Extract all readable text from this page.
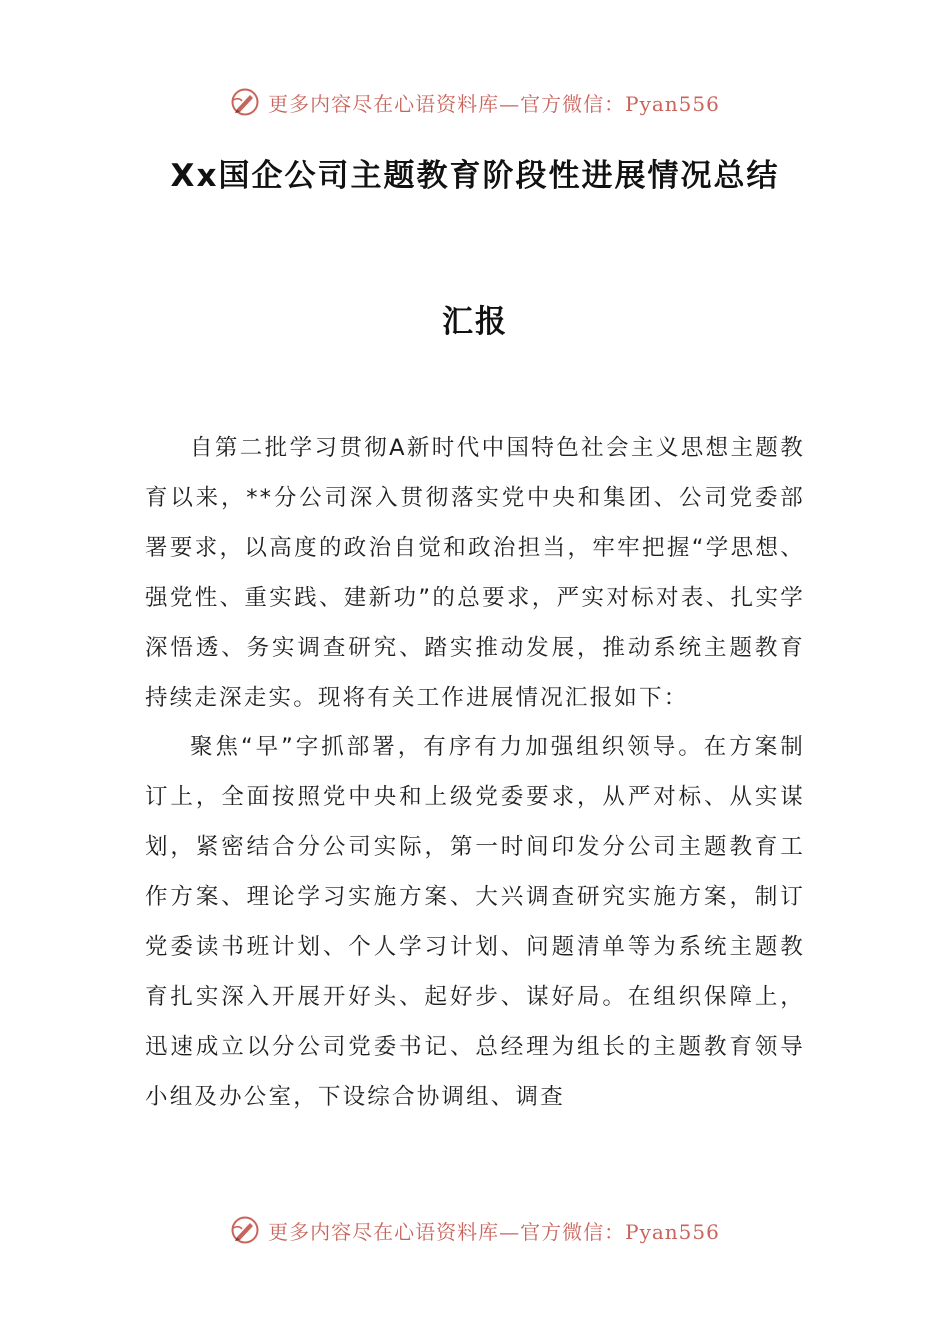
更多内容尽在心语资料库—官方微信：Pyan556
Xx国企公司主题教育阶段性进展情况总结
汇报

自第二批学习贯彻A新时代中国特色社会主义思想主题教育以来，**分公司深入贯彻落实党中央和集团、公司党委部署要求，以高度的政治自觉和政治担当，牢牢把握“学思想、强党性、重实践、建新功”的总要求，严实对标对表、扎实学深悟透、务实调查研究、踏实推动发展，推动系统主题教育持续走深走实。现将有关工作进展情况汇报如下：

聚焦“早”字抓部署，有序有力加强组织领导。在方案制订上，全面按照党中央和上级党委要求，从严对标、从实谋划，紧密结合分公司实际，第一时间印发分公司主题教育工作方案、理论学习实施方案、大兴调查研究实施方案，制订党委读书班计划、个人学习计划、问题清单等为系统主题教育扎实深入开展开好头、起好步、谋好局。在组织保障上，迅速成立以分公司党委书记、总经理为组长的主题教育领导小组及办公室，下设综合协调组、调查

更多内容尽在心语资料库—官方微信：Pyan556
